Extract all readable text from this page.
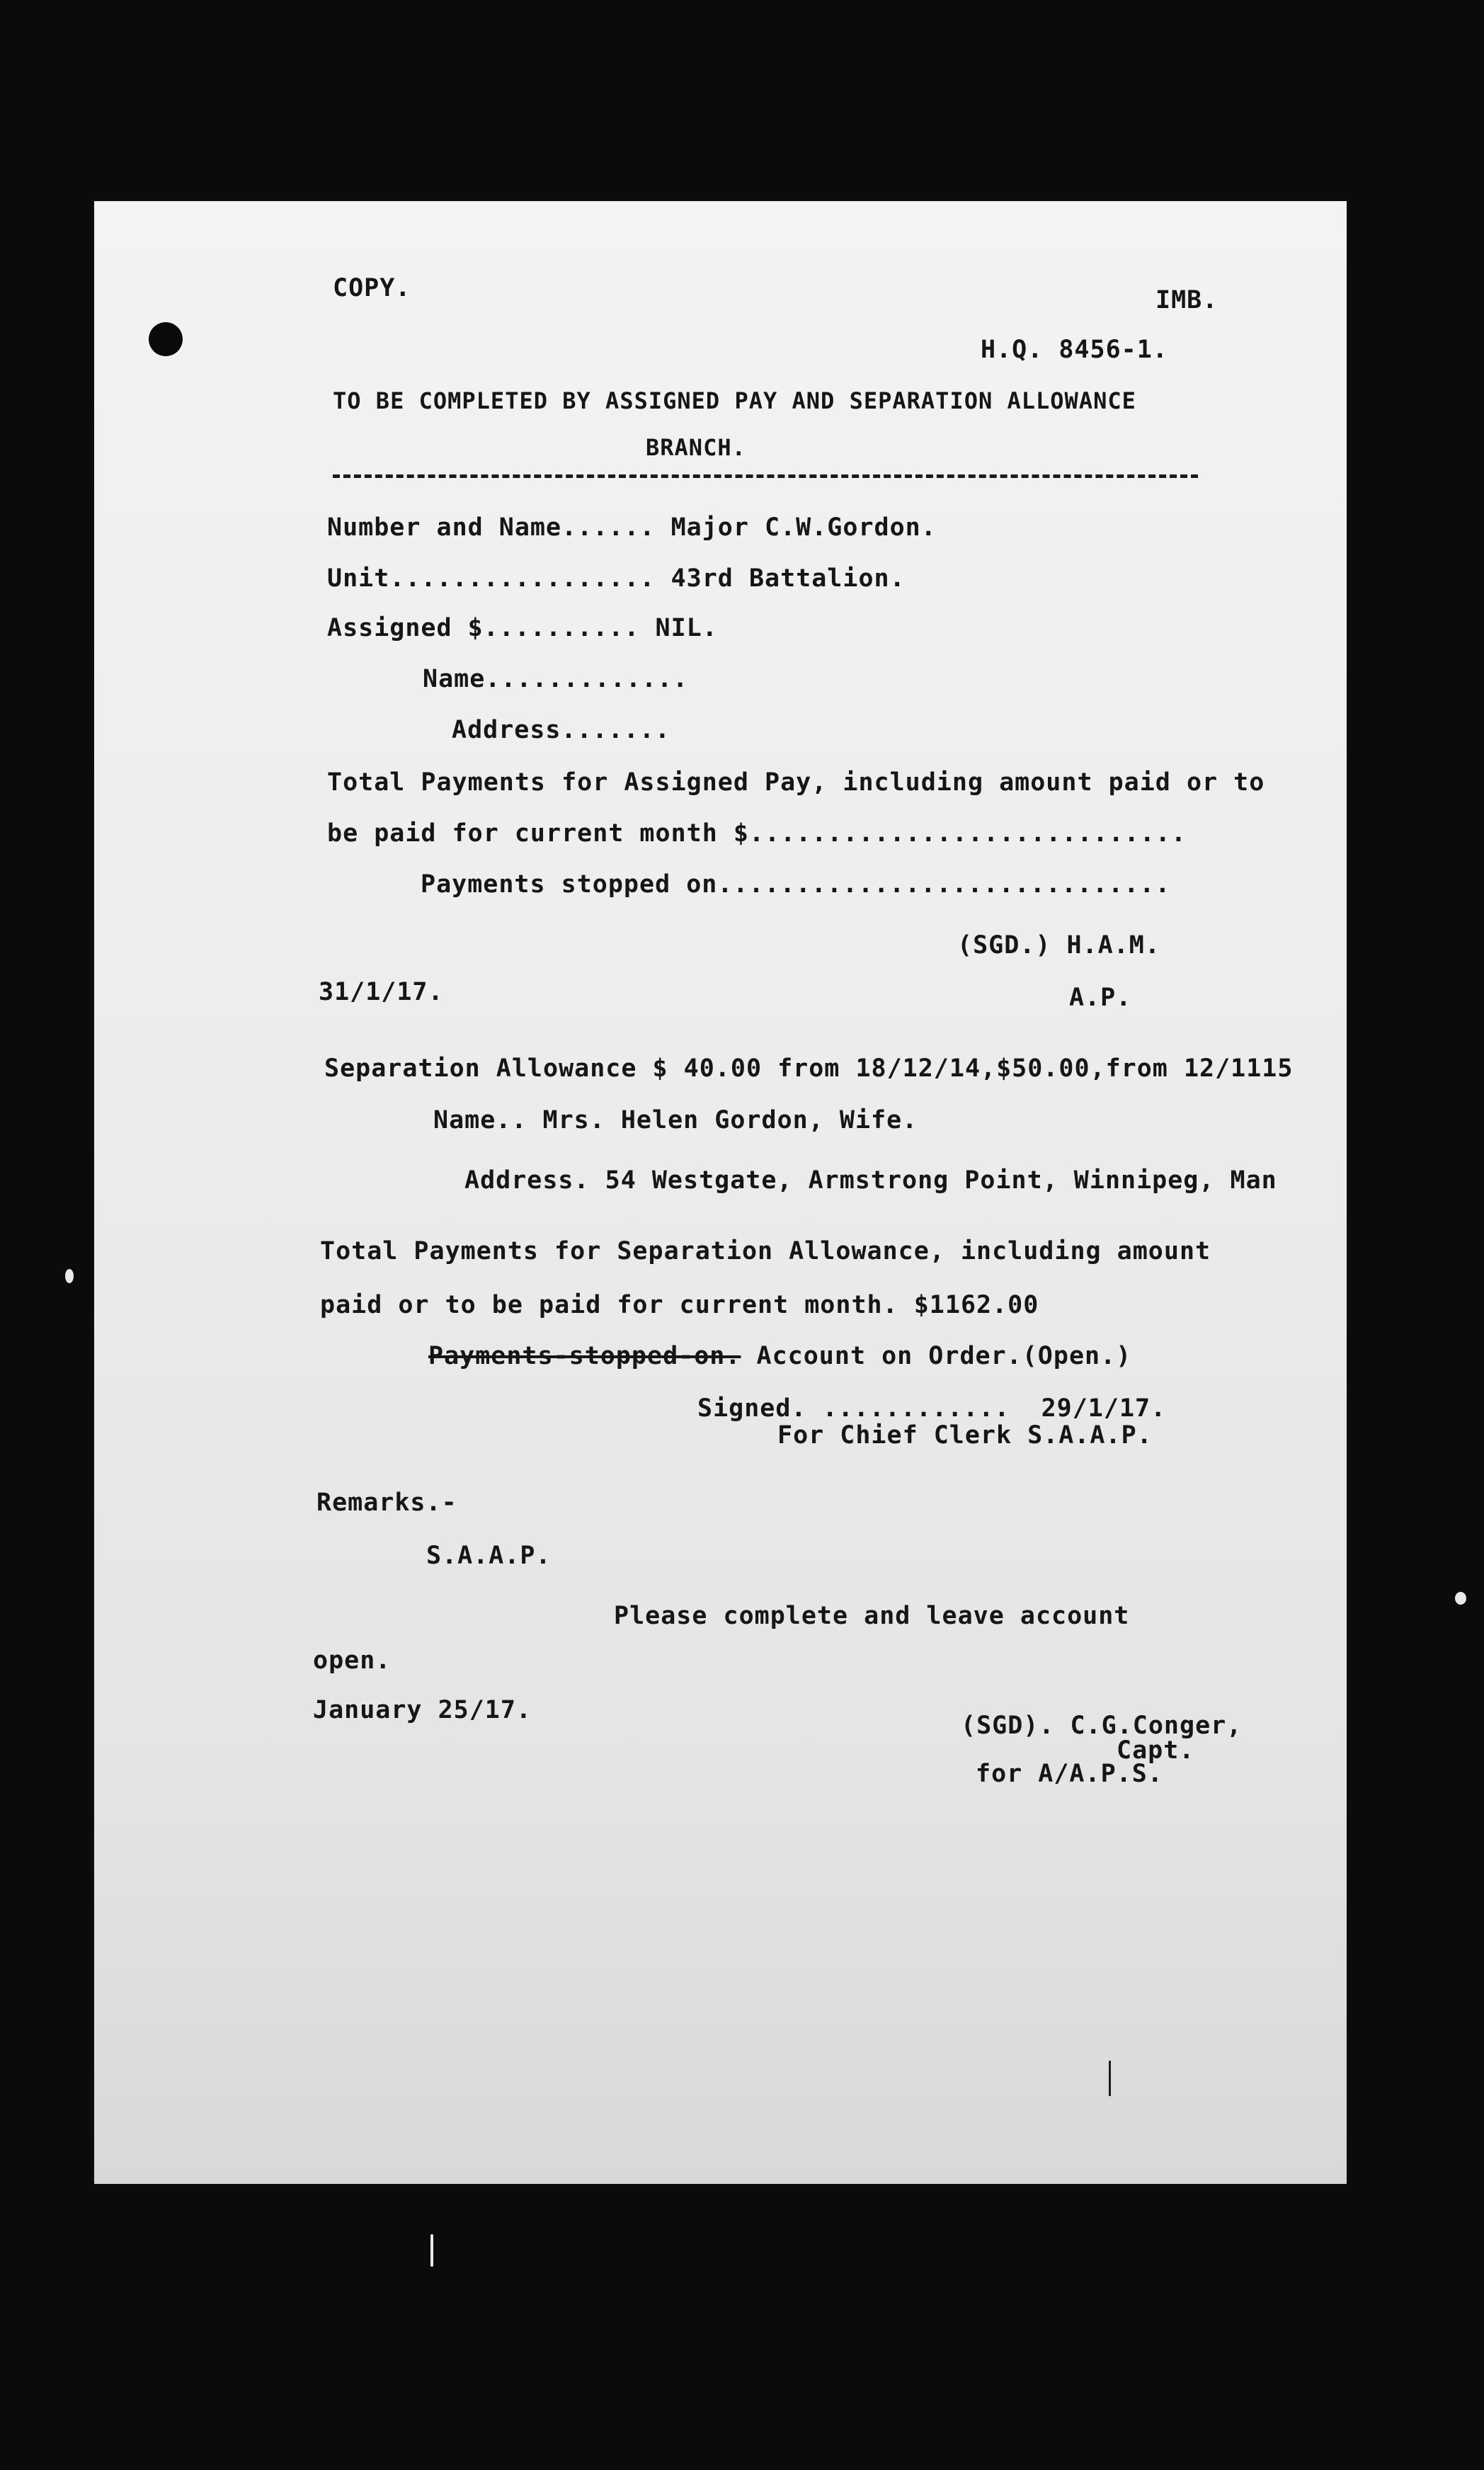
COPY.	IMB.
H.Q. 8456-1.
TO BE COMPLETED BY ASSIGNED PAY AND SEPARATION ALLOWANCE
BRANCH.
Number and Name...... Major C.W.Gordon.
Unit................. 43rd Battalion.
Assigned $.......... NIL.
Name.............
Address.......
Total Payments for Assigned Pay, including amount paid or to
be paid for current month $............................
Payments stopped on.............................
(SGD.) H.A.M.
31/1/17.	A.P.
Separation Allowance $ 40.00 from 18/12/14,$50.00,from 12/1115
Name.. Mrs. Helen Gordon, Wife.
Address. 54 Westgate, Armstrong Point, Winnipeg, Man
Total Payments for Separation Allowance, including amount
paid or to be paid for current month. $1162.00
Payments-stopped-on. Account on Order.(Open.)
Signed. ............  29/1/17.
For Chief Clerk S.A.A.P.
Remarks.-
S.A.A.P.
Please complete and leave account
open.
January 25/17.
(SGD). C.G.Conger,
Capt.
for A/A.P.S.
